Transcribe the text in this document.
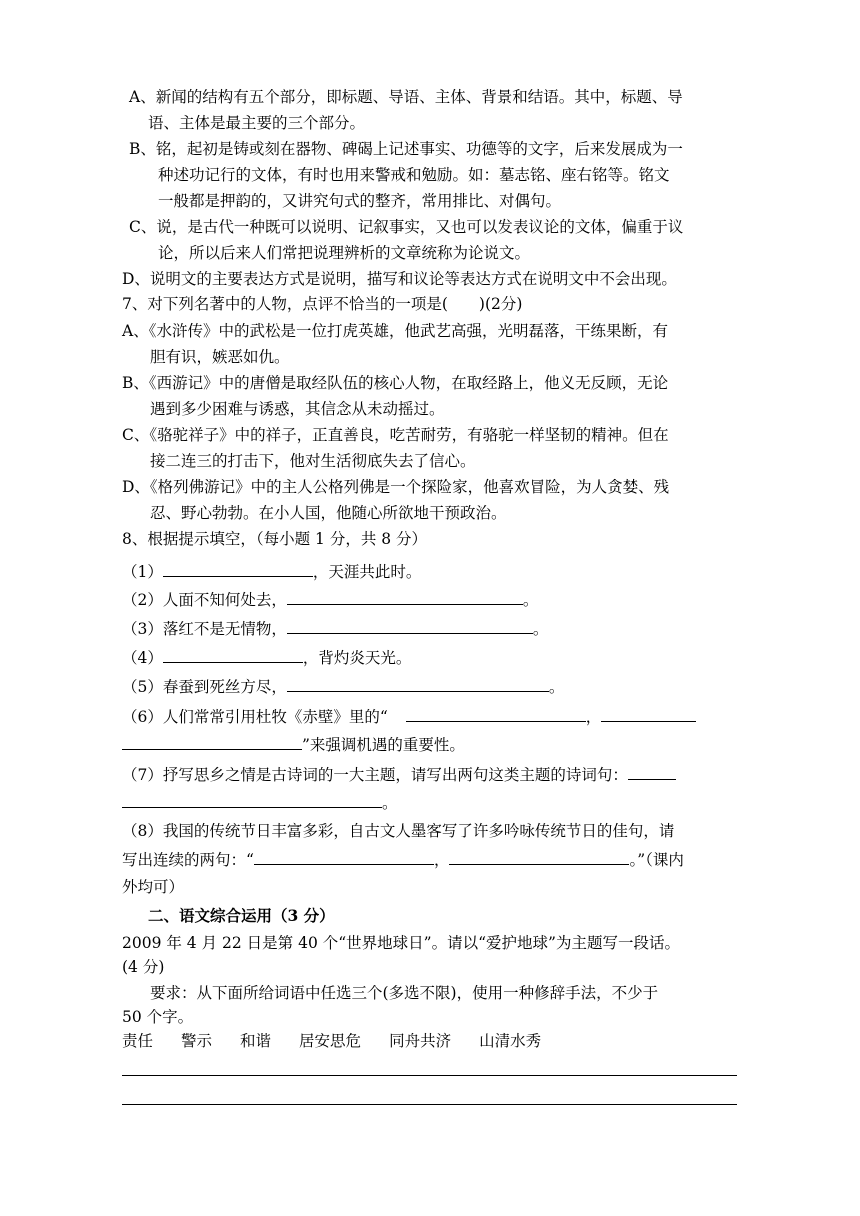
A、新闻的结构有五个部分，即标题、导语、主体、背景和结语。其中，标题、导
语、主体是最主要的三个部分。
B、铭，起初是铸或刻在器物、碑碣上记述事实、功德等的文字，后来发展成为一
种述功记行的文体，有时也用来警戒和勉励。如：墓志铭、座右铭等。铭文
一般都是押韵的，又讲究句式的整齐，常用排比、对偶句。
C、说，是古代一种既可以说明、记叙事实，又也可以发表议论的文体，偏重于议
论，所以后来人们常把说理辨析的文章统称为论说文。
D、说明文的主要表达方式是说明，描写和议论等表达方式在说明文中不会出现。
7、对下列名著中的人物，点评不恰当的一项是(　　)(2分)
A、《水浒传》中的武松是一位打虎英雄，他武艺高强，光明磊落，干练果断，有
胆有识，嫉恶如仇。
B、《西游记》中的唐僧是取经队伍的核心人物，在取经路上，他义无反顾，无论
遇到多少困难与诱惑，其信念从未动摇过。
C、《骆驼祥子》中的祥子，正直善良，吃苦耐劳，有骆驼一样坚韧的精神。但在
接二连三的打击下，他对生活彻底失去了信心。
D、《格列佛游记》中的主人公格列佛是一个探险家，他喜欢冒险，为人贪婪、残
忍、野心勃勃。在小人国，他随心所欲地干预政治。
8、根据提示填空，（每小题 1 分，共 8 分）
（1）	，天涯共此时。
（2）人面不知何处去，	。
（3）落红不是无情物，	。
（4）	，背灼炎天光。
（5）春蚕到死丝方尽，	。
（6）人们常常引用杜牧《赤壁》里的“	，
”来强调机遇的重要性。
（7）抒写思乡之情是古诗词的一大主题，请写出两句这类主题的诗词句：
。
（8）我国的传统节日丰富多彩，自古文人墨客写了许多吟咏传统节日的佳句，请
写出连续的两句：“	，	。”（课内
外均可）
二、语文综合运用（3 分）
2009 年 4 月 22 日是第 40 个“世界地球日”。请以“爱护地球”为主题写一段话。
(4 分)
要求：从下面所给词语中任选三个(多选不限)，使用一种修辞手法，不少于
50 个字。
责任 警示 和谐 居安思危 同舟共济 山清水秀
